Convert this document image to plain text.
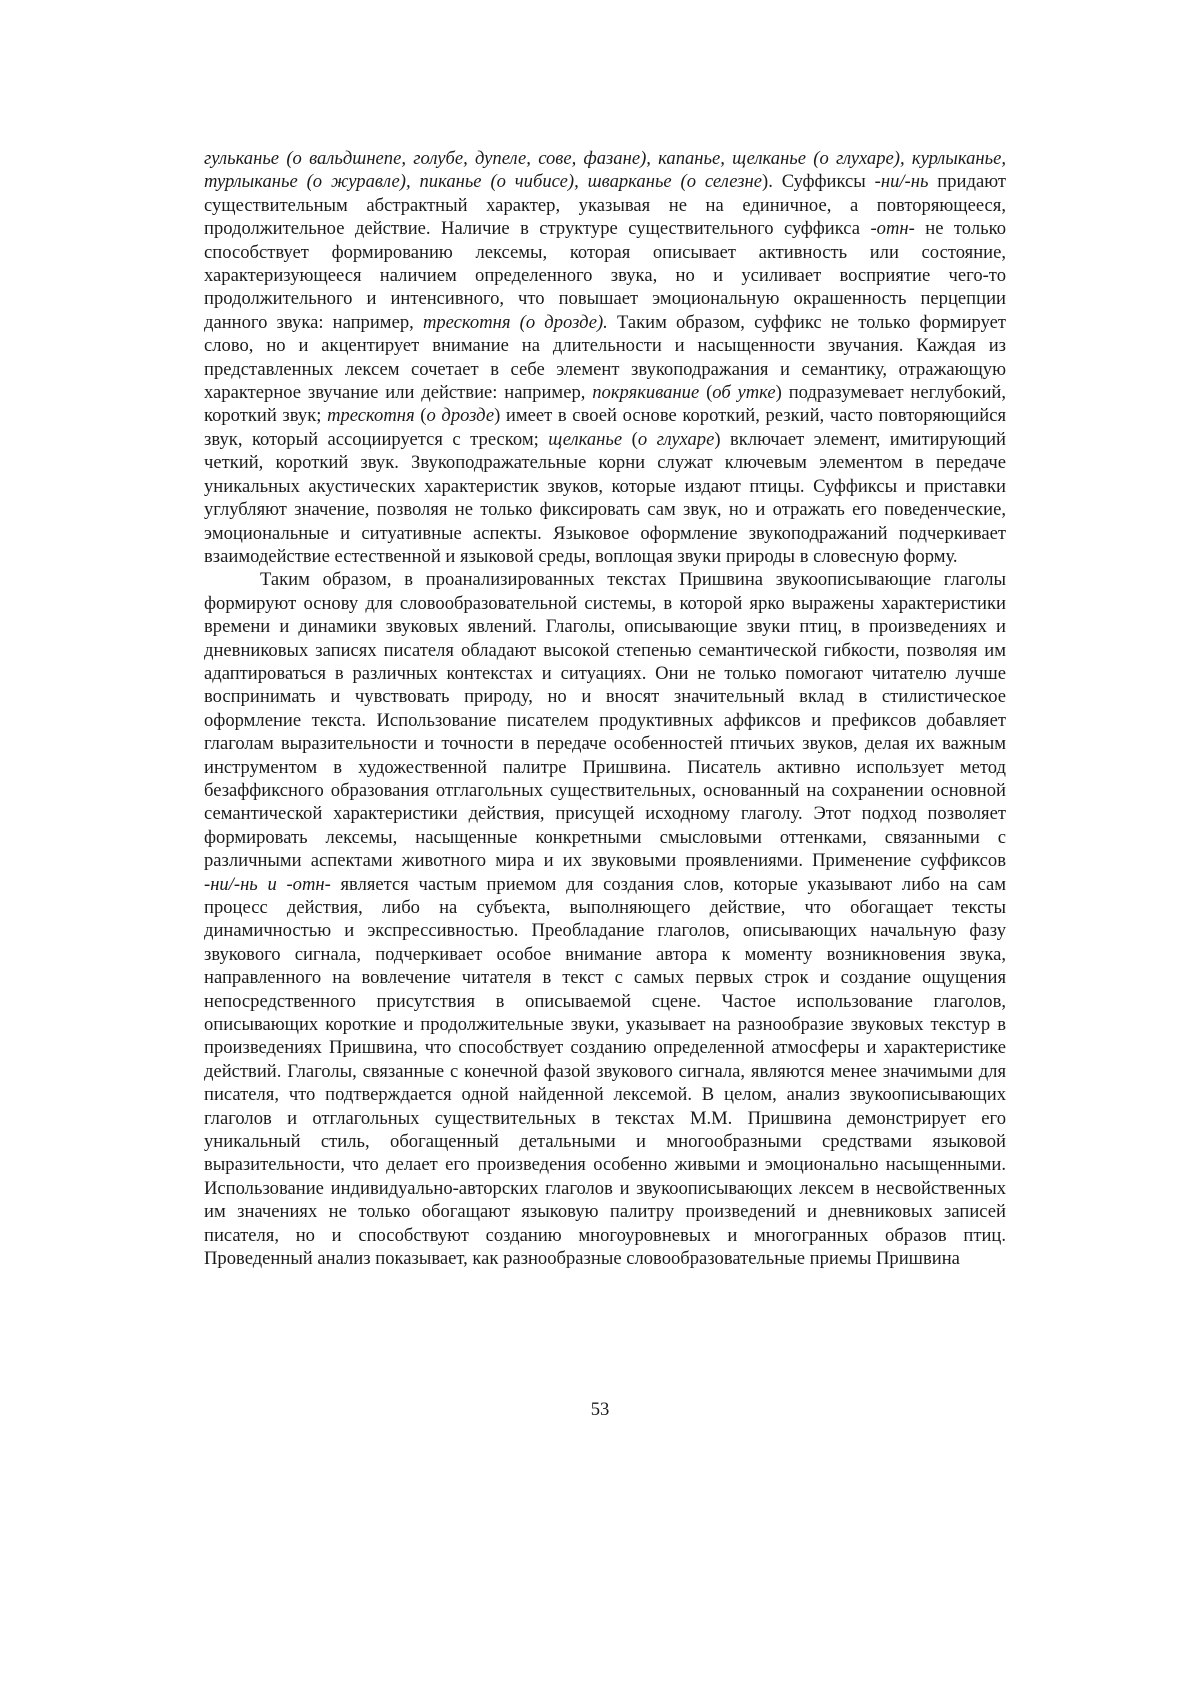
гульканье (о вальдшнепе, голубе, дупеле, сове, фазане), капанье, щелканье (о глухаре), курлыканье, турлыканье (о журавле), пиканье (о чибисе), шварканье (о селезне). Суффиксы -ни/-нь придают существительным абстрактный характер, указывая не на единичное, а повторяющееся, продолжительное действие. Наличие в структуре существительного суффикса -отн- не только способствует формированию лексемы, которая описывает активность или состояние, характеризующееся наличием определенного звука, но и усиливает восприятие чего-то продолжительного и интенсивного, что повышает эмоциональную окрашенность перцепции данного звука: например, трескотня (о дрозде). Таким образом, суффикс не только формирует слово, но и акцентирует внимание на длительности и насыщенности звучания. Каждая из представленных лексем сочетает в себе элемент звукоподражания и семантику, отражающую характерное звучание или действие: например, покрякивание (об утке) подразумевает неглубокий, короткий звук; трескотня (о дрозде) имеет в своей основе короткий, резкий, часто повторяющийся звук, который ассоциируется с треском; щелканье (о глухаре) включает элемент, имитирующий четкий, короткий звук. Звукоподражательные корни служат ключевым элементом в передаче уникальных акустических характеристик звуков, которые издают птицы. Суффиксы и приставки углубляют значение, позволяя не только фиксировать сам звук, но и отражать его поведенческие, эмоциональные и ситуативные аспекты. Языковое оформление звукоподражаний подчеркивает взаимодействие естественной и языковой среды, воплощая звуки природы в словесную форму.

Таким образом, в проанализированных текстах Пришвина звукоописывающие глаголы формируют основу для словообразовательной системы, в которой ярко выражены характеристики времени и динамики звуковых явлений. Глаголы, описывающие звуки птиц, в произведениях и дневниковых записях писателя обладают высокой степенью семантической гибкости, позволяя им адаптироваться в различных контекстах и ситуациях. Они не только помогают читателю лучше воспринимать и чувствовать природу, но и вносят значительный вклад в стилистическое оформление текста. Использование писателем продуктивных аффиксов и префиксов добавляет глаголам выразительности и точности в передаче особенностей птичьих звуков, делая их важным инструментом в художественной палитре Пришвина. Писатель активно использует метод безаффиксного образования отглагольных существительных, основанный на сохранении основной семантической характеристики действия, присущей исходному глаголу. Этот подход позволяет формировать лексемы, насыщенные конкретными смысловыми оттенками, связанными с различными аспектами животного мира и их звуковыми проявлениями. Применение суффиксов -ни/-нь и -отн- является частым приемом для создания слов, которые указывают либо на сам процесс действия, либо на субъекта, выполняющего действие, что обогащает тексты динамичностью и экспрессивностью. Преобладание глаголов, описывающих начальную фазу звукового сигнала, подчеркивает особое внимание автора к моменту возникновения звука, направленного на вовлечение читателя в текст с самых первых строк и создание ощущения непосредственного присутствия в описываемой сцене. Частое использование глаголов, описывающих короткие и продолжительные звуки, указывает на разнообразие звуковых текстур в произведениях Пришвина, что способствует созданию определенной атмосферы и характеристике действий. Глаголы, связанные с конечной фазой звукового сигнала, являются менее значимыми для писателя, что подтверждается одной найденной лексемой. В целом, анализ звукоописывающих глаголов и отглагольных существительных в текстах М.М. Пришвина демонстрирует его уникальный стиль, обогащенный детальными и многообразными средствами языковой выразительности, что делает его произведения особенно живыми и эмоционально насыщенными. Использование индивидуально-авторских глаголов и звукоописывающих лексем в несвойственных им значениях не только обогащают языковую палитру произведений и дневниковых записей писателя, но и способствуют созданию многоуровневых и многогранных образов птиц. Проведенный анализ показывает, как разнообразные словообразовательные приемы Пришвина

53
